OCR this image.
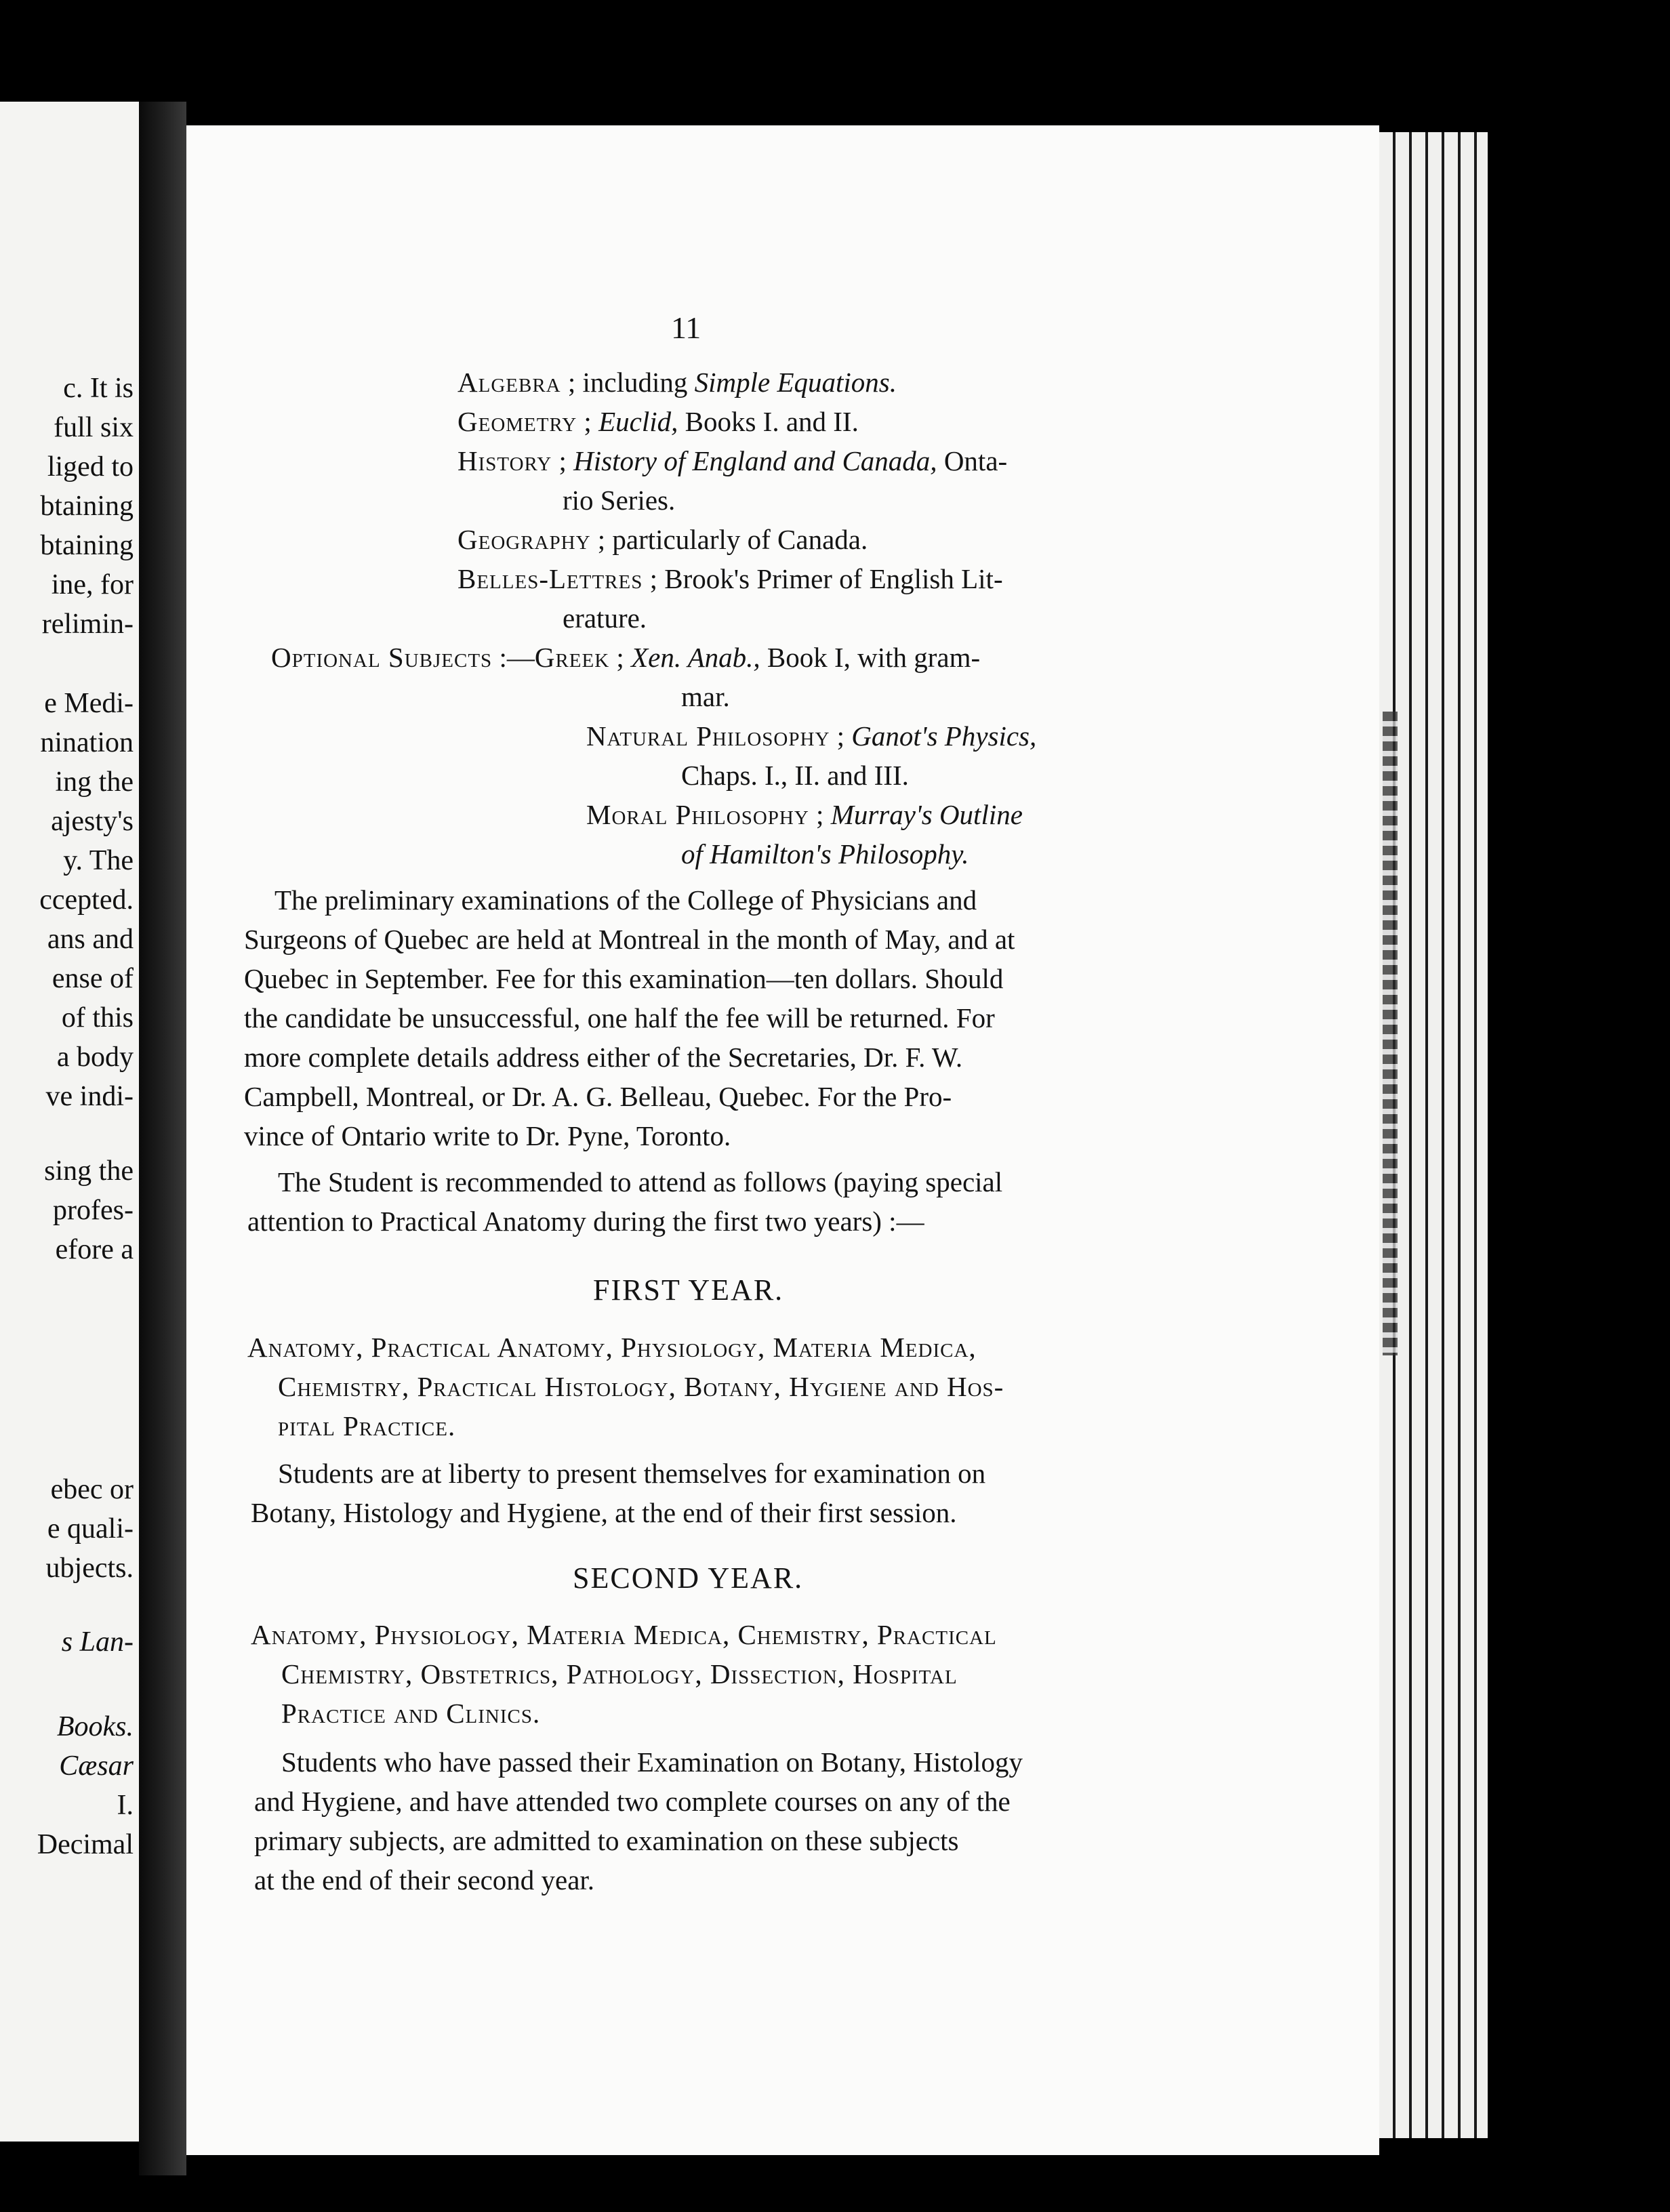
c. It is
full six
liged to
btaining
btaining
ine, for
relimin-
e Medi-
nination
ing the
ajesty's
y. The
ccepted.
ans and
ense of
of this
a body
ve indi-
sing the
profes-
efore a
ebec or
e quali-
ubjects.
s Lan-
Books.
Cæsar
I.
Decimal
11
Algebra ; including Simple Equations.
Geometry ; Euclid, Books I. and II.
History ; History of England and Canada, Onta-
rio Series.
Geography ; particularly of Canada.
Belles-Lettres ; Brook's Primer of English Lit-
erature.
Optional Subjects :—Greek ; Xen. Anab., Book I, with gram-
mar.
Natural Philosophy ; Ganot's Physics,
Chaps. I., II. and III.
Moral Philosophy ; Murray's Outline
of Hamilton's Philosophy.
The preliminary examinations of the College of Physicians and
Surgeons of Quebec are held at Montreal in the month of May, and at
Quebec in September. Fee for this examination—ten dollars. Should
the candidate be unsuccessful, one half the fee will be returned. For
more complete details address either of the Secretaries, Dr. F. W.
Campbell, Montreal, or Dr. A. G. Belleau, Quebec. For the Pro-
vince of Ontario write to Dr. Pyne, Toronto.
The Student is recommended to attend as follows (paying special
attention to Practical Anatomy during the first two years) :—
FIRST YEAR.
Anatomy, Practical Anatomy, Physiology, Materia Medica,
Chemistry, Practical Histology, Botany, Hygiene and Hos-
pital Practice.
Students are at liberty to present themselves for examination on
Botany, Histology and Hygiene, at the end of their first session.
SECOND YEAR.
Anatomy, Physiology, Materia Medica, Chemistry, Practical
Chemistry, Obstetrics, Pathology, Dissection, Hospital
Practice and Clinics.
Students who have passed their Examination on Botany, Histology
and Hygiene, and have attended two complete courses on any of the
primary subjects, are admitted to examination on these subjects
at the end of their second year.
